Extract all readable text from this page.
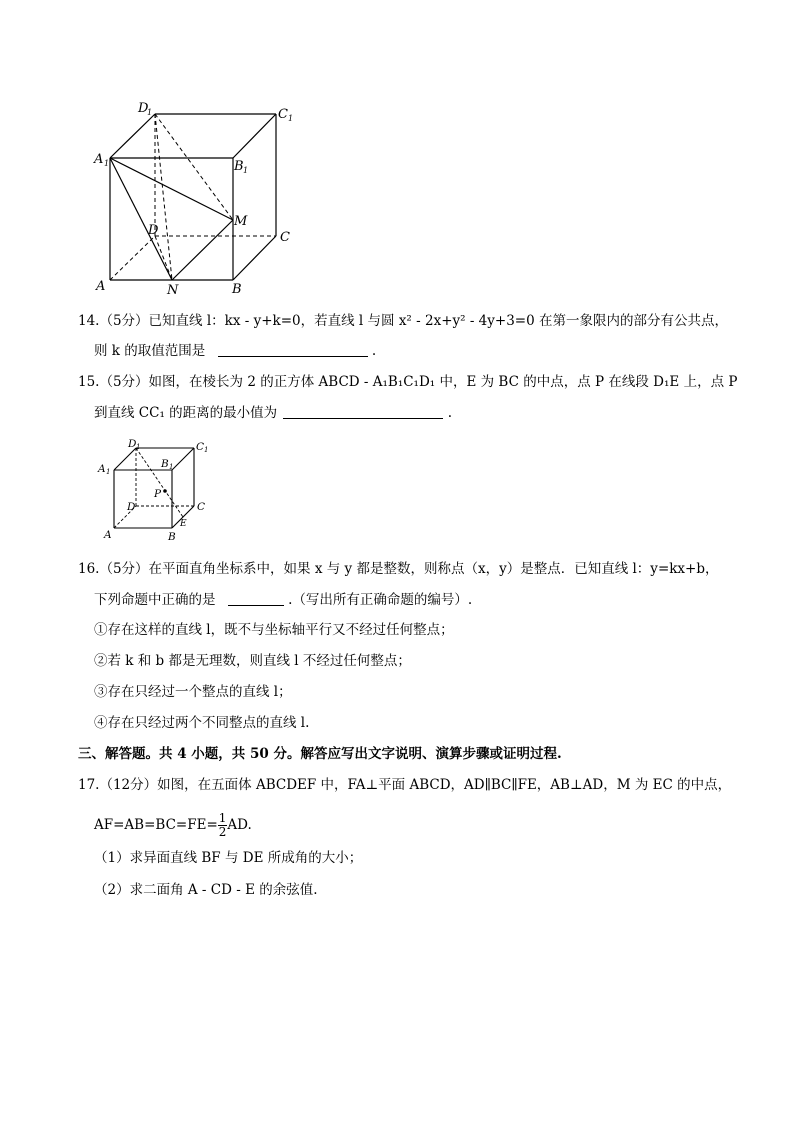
D
1	C 1
A 1	B 1
M
D	C
A	N	B
14.（5分）已知直线 l：kx - y+k=0，若直线 l 与圆 x² - 2x+y² - 4y+3=0 在第一象限内的部分有公共点，
则 k 的取值范围是	.
15.（5分）如图，在棱长为 2 的正方体 ABCD - A₁B₁C₁D₁ 中，E 为 BC 的中点，点 P 在线段 D₁E 上，点 P
到直线 CC₁ 的距离的最小值为	.
D 1	C 1
A 1
B 1
P
D	C
E
A	B
16.（5分）在平面直角坐标系中，如果 x 与 y 都是整数，则称点（x，y）是整点．已知直线 l：y=kx+b，
下列命题中正确的是	.（写出所有正确命题的编号）.
①存在这样的直线 l，既不与坐标轴平行又不经过任何整点；
②若 k 和 b 都是无理数，则直线 l 不经过任何整点；
③存在只经过一个整点的直线 l；
④存在只经过两个不同整点的直线 l.
三、解答题。共 4 小题，共 50 分。解答应写出文字说明、演算步骤或证明过程.
17.（12分）如图，在五面体 ABCDEF 中，FA⊥平面 ABCD，AD∥BC∥FE，AB⊥AD，M 为 EC 的中点，
$AF=AB=BC=FE= \frac{1}{2}$ AD.
（1）求异面直线 BF 与 DE 所成角的大小；
（2）求二面角 A - CD - E 的余弦值.
